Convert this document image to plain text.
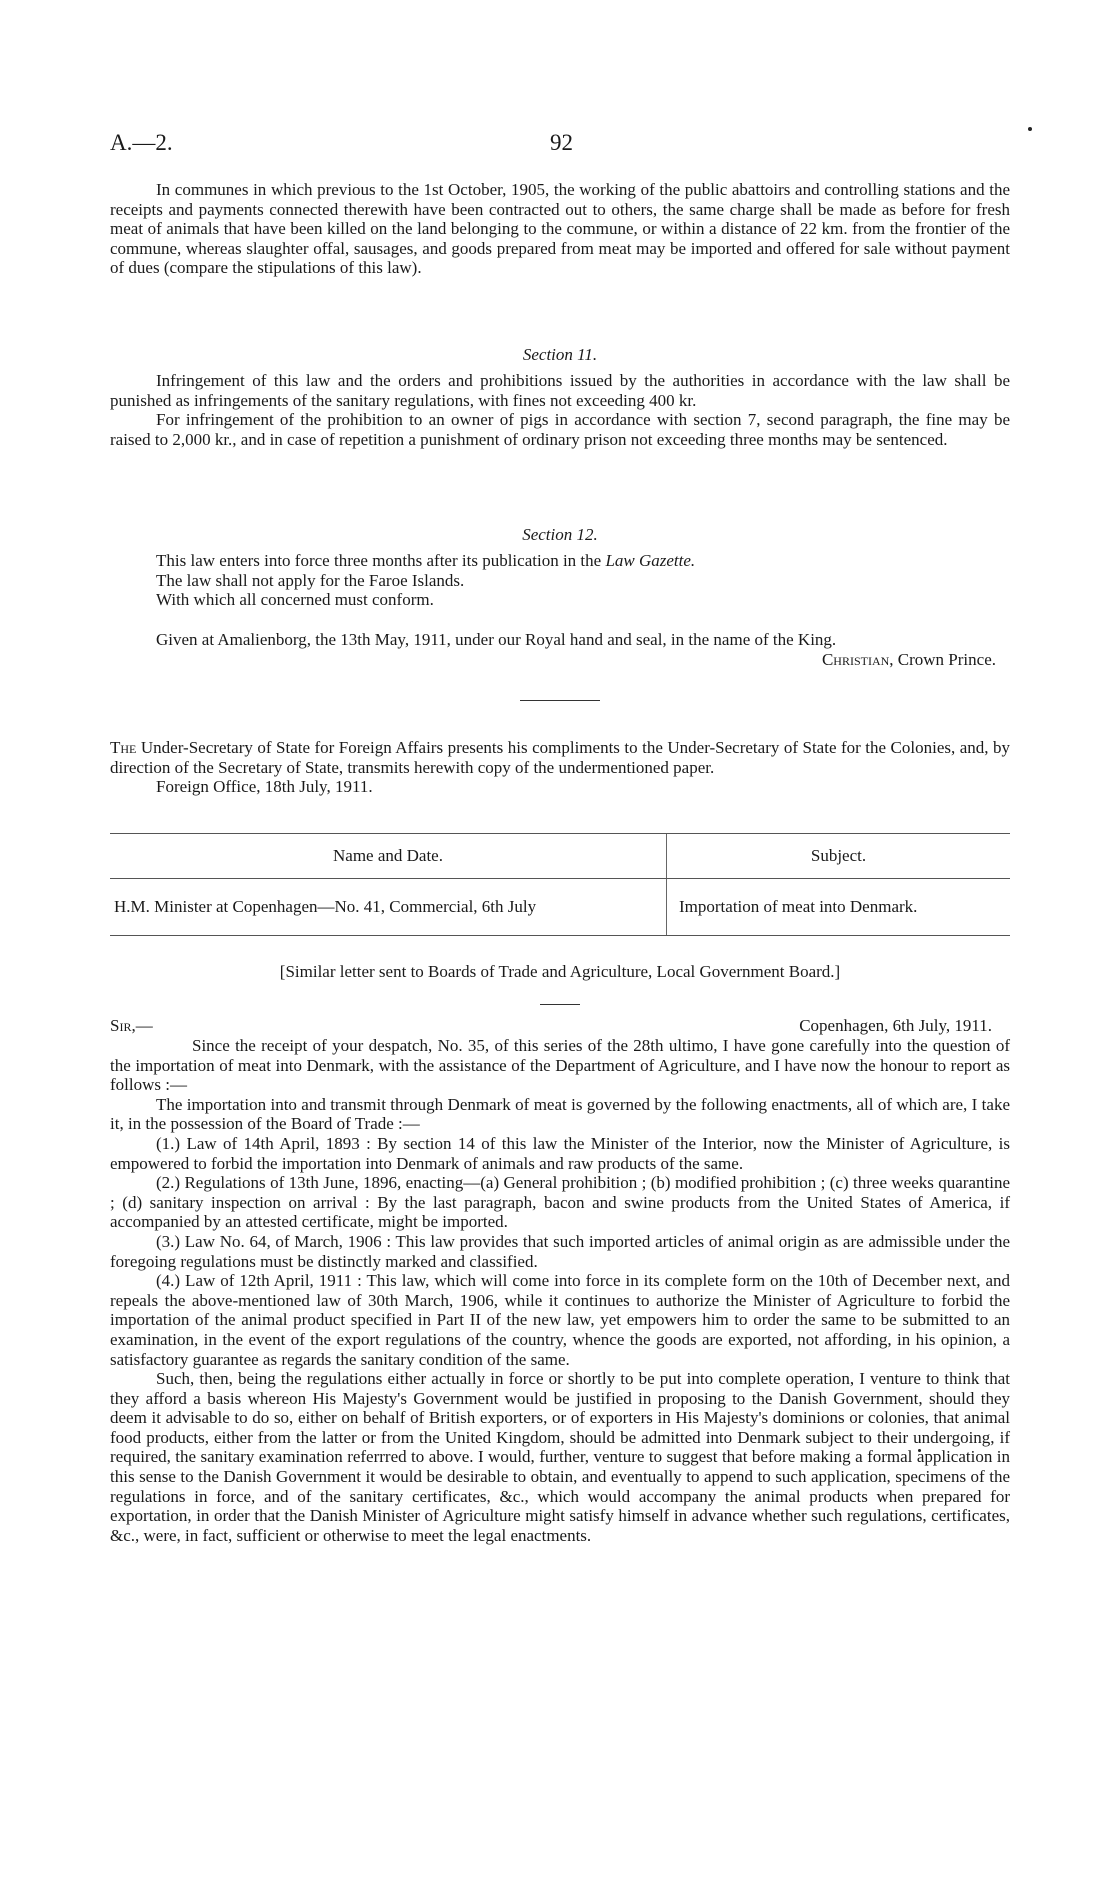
A.—2.	92

In communes in which previous to the 1st October, 1905, the working of the public abattoirs and controlling stations and the receipts and payments connected therewith have been contracted out to others, the same charge shall be made as before for fresh meat of animals that have been killed on the land belonging to the commune, or within a distance of 22 km. from the frontier of the commune, whereas slaughter offal, sausages, and goods prepared from meat may be imported and offered for sale without payment of dues (compare the stipulations of this law).

Section 11.

Infringement of this law and the orders and prohibitions issued by the authorities in accordance with the law shall be punished as infringements of the sanitary regulations, with fines not exceeding 400 kr.

For infringement of the prohibition to an owner of pigs in accordance with section 7, second paragraph, the fine may be raised to 2,000 kr., and in case of repetition a punishment of ordinary prison not exceeding three months may be sentenced.

Section 12.

This law enters into force three months after its publication in the Law Gazette.

The law shall not apply for the Faroe Islands.

With which all concerned must conform.

Given at Amalienborg, the 13th May, 1911, under our Royal hand and seal, in the name of the King.

Christian, Crown Prince.

The Under-Secretary of State for Foreign Affairs presents his compliments to the Under-Secretary of State for the Colonies, and, by direction of the Secretary of State, transmits herewith copy of the undermentioned paper.

Foreign Office, 18th July, 1911.

Name and Date.	Subject.
H.M. Minister at Copenhagen—No. 41, Commercial, 6th July	Importation of meat into Denmark.
[Similar letter sent to Boards of Trade and Agriculture, Local Government Board.]
Sir,—	Copenhagen, 6th July, 1911.

Since the receipt of your despatch, No. 35, of this series of the 28th ultimo, I have gone carefully into the question of the importation of meat into Denmark, with the assistance of the Department of Agriculture, and I have now the honour to report as follows :—

The importation into and transmit through Denmark of meat is governed by the following enactments, all of which are, I take it, in the possession of the Board of Trade :—

(1.) Law of 14th April, 1893 : By section 14 of this law the Minister of the Interior, now the Minister of Agriculture, is empowered to forbid the importation into Denmark of animals and raw products of the same.

(2.) Regulations of 13th June, 1896, enacting—(a) General prohibition ; (b) modified prohibition ; (c) three weeks quarantine ; (d) sanitary inspection on arrival : By the last paragraph, bacon and swine products from the United States of America, if accompanied by an attested certificate, might be imported.

(3.) Law No. 64, of March, 1906 : This law provides that such imported articles of animal origin as are admissible under the foregoing regulations must be distinctly marked and classified.

(4.) Law of 12th April, 1911 : This law, which will come into force in its complete form on the 10th of December next, and repeals the above-mentioned law of 30th March, 1906, while it continues to authorize the Minister of Agriculture to forbid the importation of the animal product specified in Part II of the new law, yet empowers him to order the same to be submitted to an examination, in the event of the export regulations of the country, whence the goods are exported, not affording, in his opinion, a satisfactory guarantee as regards the sanitary condition of the same.

Such, then, being the regulations either actually in force or shortly to be put into complete operation, I venture to think that they afford a basis whereon His Majesty's Government would be justified in proposing to the Danish Government, should they deem it advisable to do so, either on behalf of British exporters, or of exporters in His Majesty's dominions or colonies, that animal food products, either from the latter or from the United Kingdom, should be admitted into Denmark subject to their undergoing, if required, the sanitary examination referrred to above. I would, further, venture to suggest that before making a formal application in this sense to the Danish Government it would be desirable to obtain, and eventually to append to such application, specimens of the regulations in force, and of the sanitary certificates, &c., which would accompany the animal products when prepared for exportation, in order that the Danish Minister of Agriculture might satisfy himself in advance whether such regulations, certificates, &c., were, in fact, sufficient or otherwise to meet the legal enactments.
